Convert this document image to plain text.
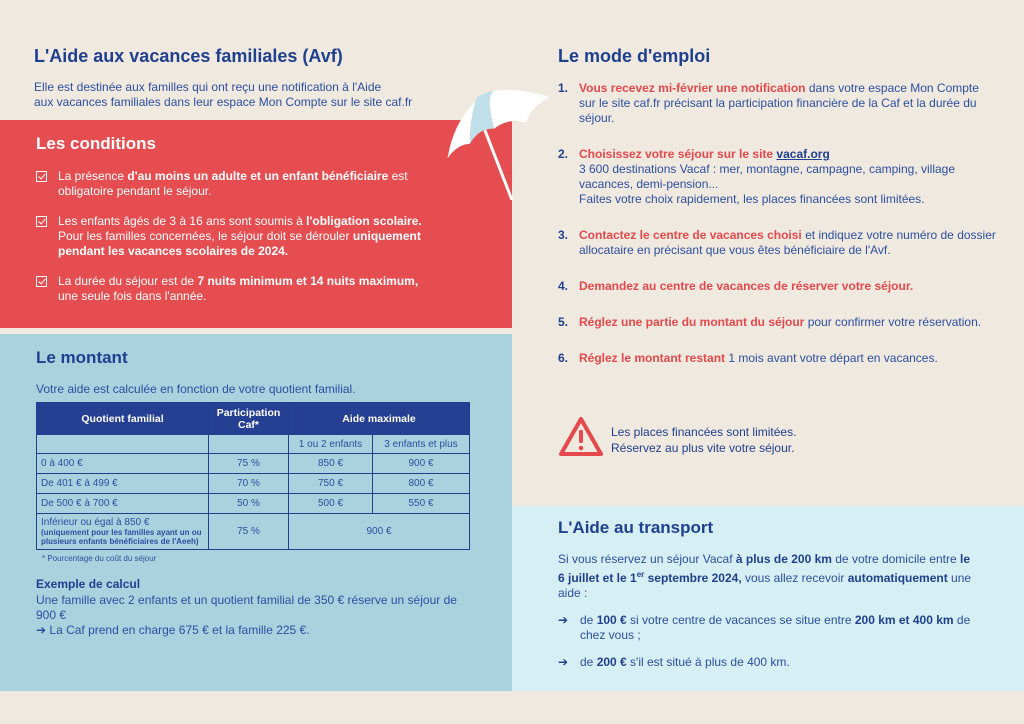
L'Aide aux vacances familiales (Avf)

Elle est destinée aux familles qui ont reçu une notification à l'Aide
aux vacances familiales dans leur espace Mon Compte sur le site caf.fr

Les conditions
La présence d'au moins un adulte et un enfant bénéficiaire est obligatoire pendant le séjour.
Les enfants âgés de 3 à 16 ans sont soumis à l'obligation scolaire. Pour les familles concernées, le séjour doit se dérouler uniquement pendant les vacances scolaires de 2024.
La durée du séjour est de 7 nuits minimum et 14 nuits maximum, une seule fois dans l'année.
Le montant

Votre aide est calculée en fonction de votre quotient familial.

Quotient familial	Participation Caf*	Aide maximale	
		1 ou 2 enfants	3 enfants et plus
0 à 400 €	75 %	850 €	900 €
De 401 € à 499 €	70 %	750 €	800 €
De 500 € à 700 €	50 %	500 €	550 €
Inférieur ou égal à 850 €
(uniquement pour les familles ayant un ou plusieurs enfants bénéficiaires de l'Aeeh)	75 %	900 €	

* Pourcentage du coût du séjour

Exemple de calcul

Une famille avec 2 enfants et un quotient familial de 350 € réserve un séjour de 900 €

➔ La Caf prend en charge 675 € et la famille 225 €.

Le mode d'emploi
1. Vous recevez mi-février une notification dans votre espace Mon Compte sur le site caf.fr précisant la participation financière de la Caf et la durée du séjour.
2. Choisissez votre séjour sur le site vacaf.org
3 600 destinations Vacaf : mer, montagne, campagne, camping, village vacances, demi-pension...
Faites votre choix rapidement, les places financées sont limitées.
3. Contactez le centre de vacances choisi et indiquez votre numéro de dossier allocataire en précisant que vous êtes bénéficiaire de l'Avf.
4. Demandez au centre de vacances de réserver votre séjour.
5. Réglez une partie du montant du séjour pour confirmer votre réservation.
6. Réglez le montant restant 1 mois avant votre départ en vacances.

Les places financées sont limitées.
Réservez au plus vite votre séjour.

L'Aide au transport

Si vous réservez un séjour Vacaf à plus de 200 km de votre domicile entre le 6 juillet et le 1er septembre 2024, vous allez recevoir automatiquement une aide :

➔ de 100 € si votre centre de vacances se situe entre 200 km et 400 km de chez vous ;
➔ de 200 € s'il est situé à plus de 400 km.
